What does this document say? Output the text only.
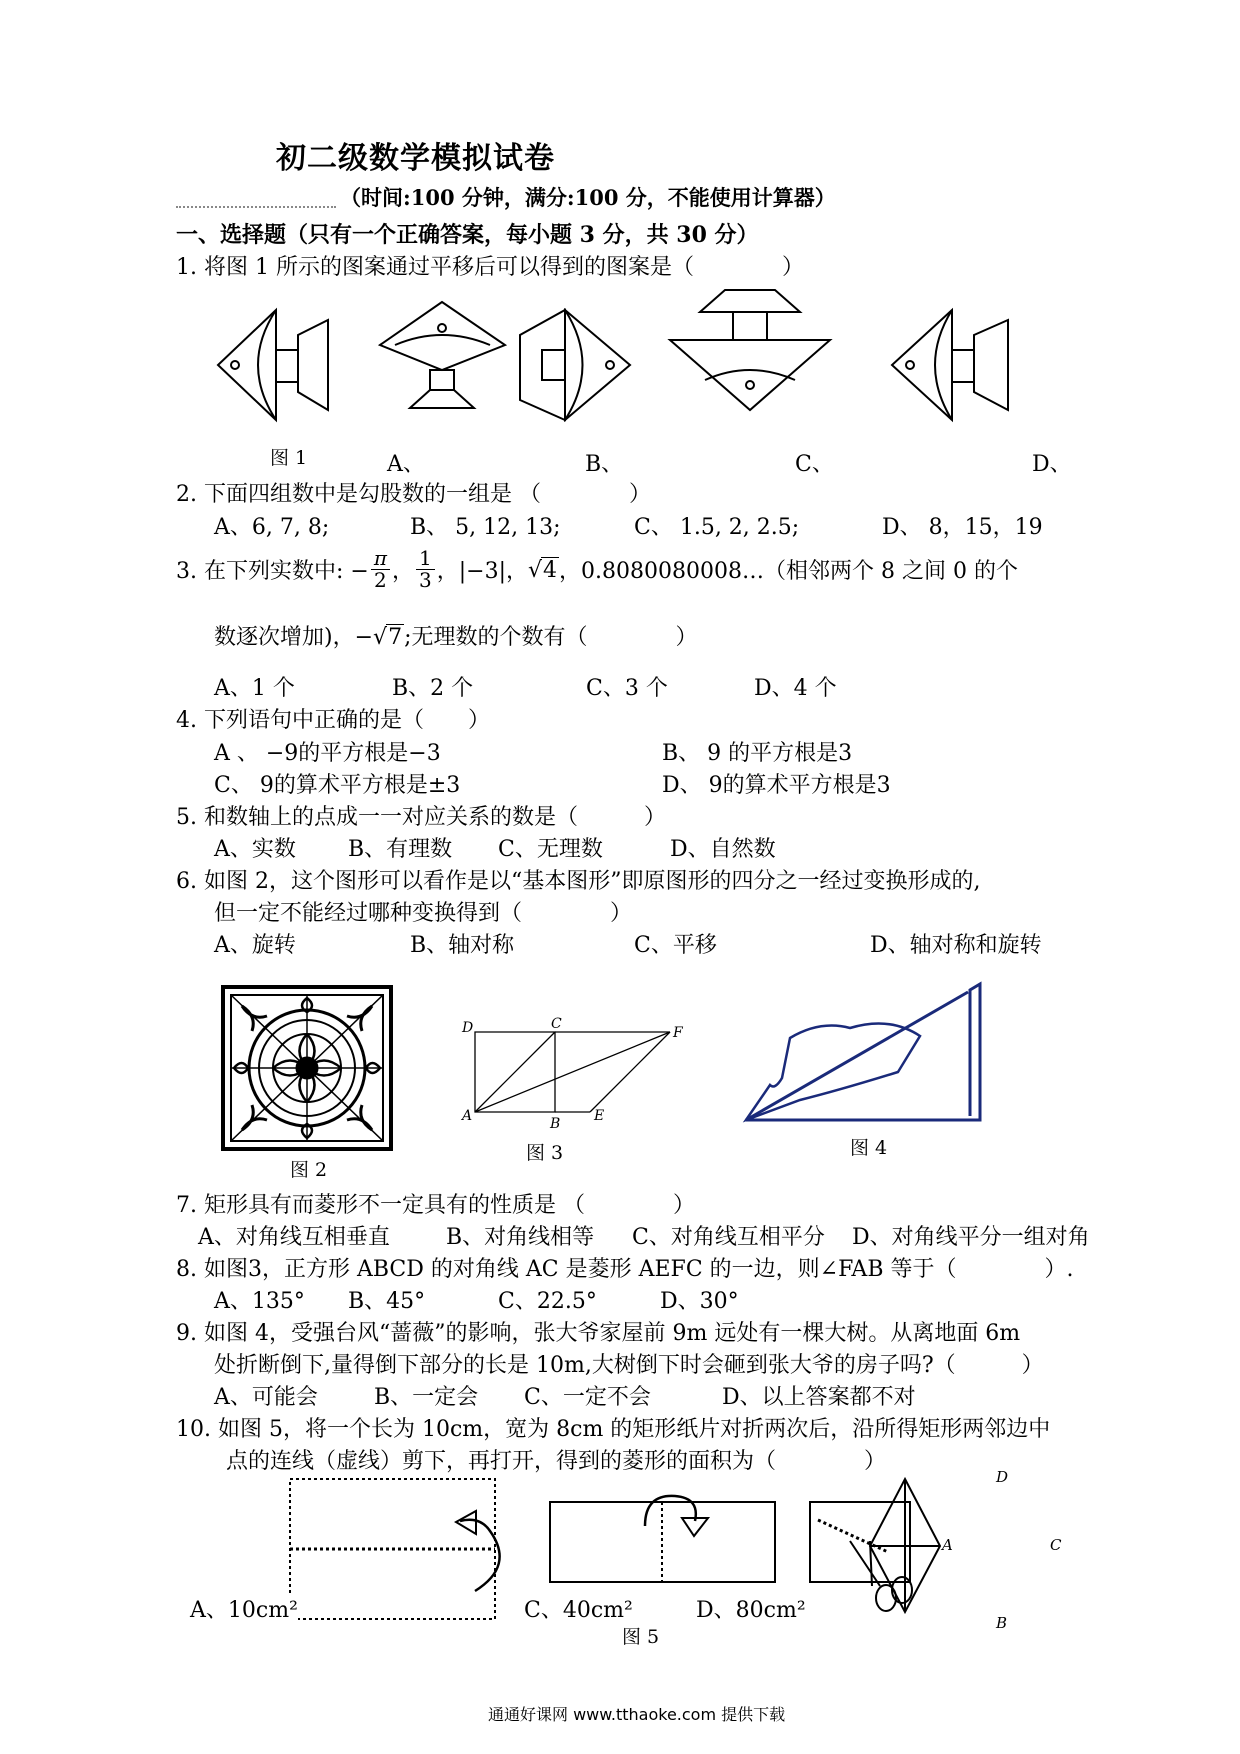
初二级数学模拟试卷
（时间:100 分钟，满分:100 分，不能使用计算器）
一、选择题（只有一个正确答案，每小题 3 分，共 30 分）
1. 将图 1 所示的图案通过平移后可以得到的图案是（　　　　）
图 1	A、	B、	C、	D、
2. 下面四组数中是勾股数的一组是 （　　　　）
A、6, 7, 8;	B、 5, 12, 13;	C、 1.5, 2, 2.5;	D、 8，15，19
3. 在下列实数中: − $\frac{\pi}{2}$ ， $\frac{1}{3}$ ，|−3|， √4 ，0.8080080008…（相邻两个 8 之间 0 的个
数逐次增加)，−√7;无理数的个数有（　　　　）
A、1 个	B、2 个	C、3 个	D、4 个
4. 下列语句中正确的是（　　）
A 、 −9的平方根是−3	B、 9 的平方根是3
C、 9的算术平方根是±3	D、 9的算术平方根是3
5. 和数轴上的点成一一对应关系的数是（　　　）
A、实数 B、有理数 C、无理数	D、自然数
6. 如图 2，这个图形可以看作是以“基本图形”即原图形的四分之一经过变换形成的,
但一定不能经过哪种变换得到（　　　　）
A、旋转	B、轴对称	C、平移	D、轴对称和旋转
图 2
D	C
F
A	B E
图 3	图 4
7. 矩形具有而菱形不一定具有的性质是 （　　　　）
A、对角线互相垂直	B、对角线相等 C、对角线互相平分 D、对角线平分一组对角
8. 如图3，正方形 ABCD 的对角线 AC 是菱形 AEFC 的一边，则∠FAB 等于（　　　　）.
A、135° B、45°	C、22.5°	D、30°
9. 如图 4，受强台风“蔷薇”的影响，张大爷家屋前 9m 远处有一棵大树。从离地面 6m
处折断倒下,量得倒下部分的长是 10m,大树倒下时会砸到张大爷的房子吗?（　　　）
A、可能会	B、一定会 C、一定不会	D、以上答案都不对
10. 如图 5，将一个长为 10cm，宽为 8cm 的矩形纸片对折两次后，沿所得矩形两邻边中
点的连线（虚线）剪下，再打开，得到的菱形的面积为（　　　　）
D
A	C
B
A、10cm²	C、40cm²	D、80cm²
图 5
通通好课网 www.tthaoke.com 提供下载
